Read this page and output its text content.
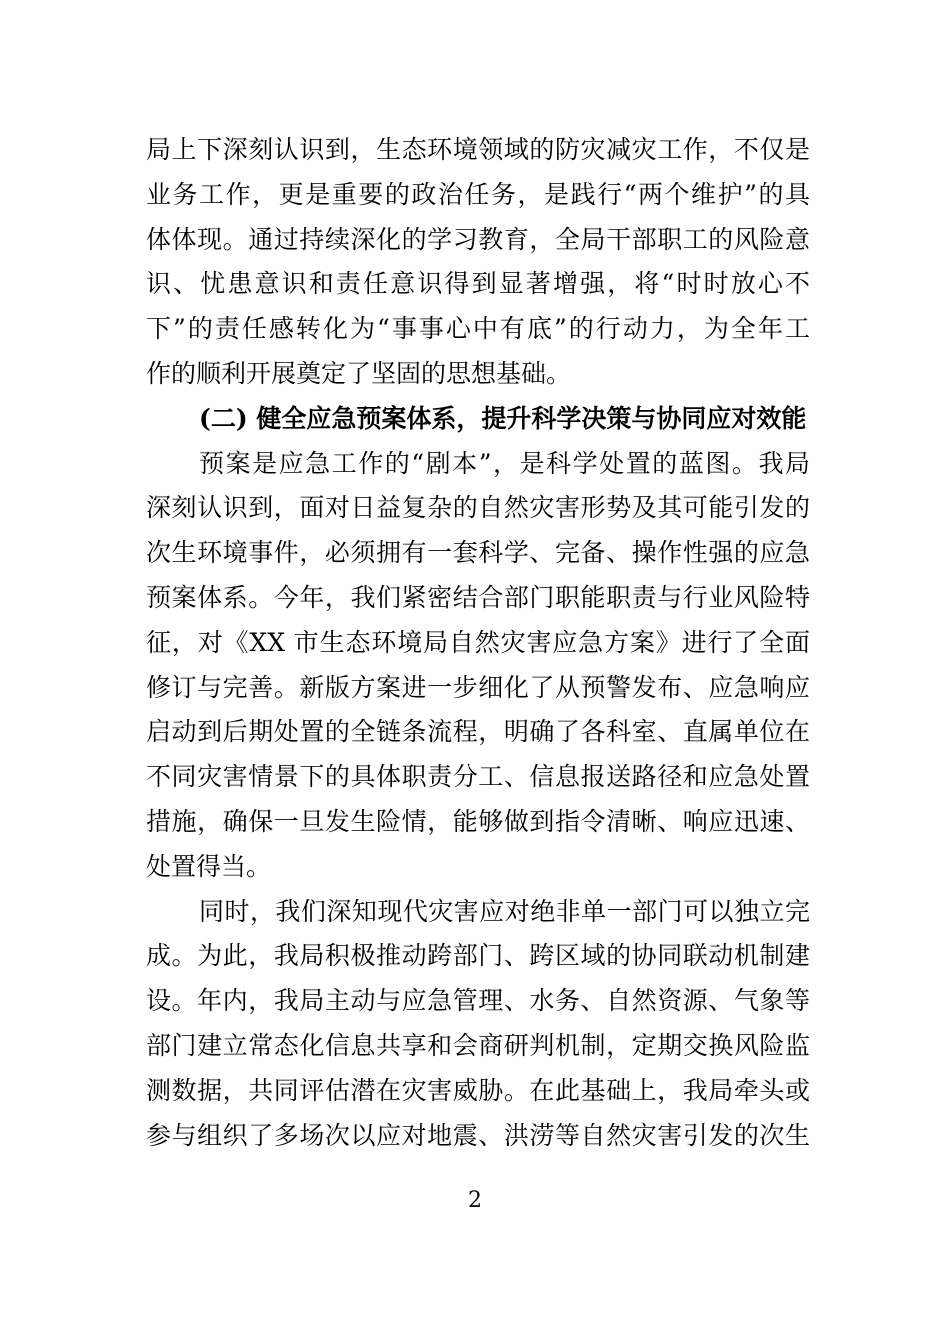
局上下深刻认识到，生态环境领域的防灾减灾工作，不仅是
业务工作，更是重要的政治任务，是践行“两个维护”的具
体体现。通过持续深化的学习教育，全局干部职工的风险意
识、忧患意识和责任意识得到显著增强，将“时时放心不
下”的责任感转化为“事事心中有底”的行动力，为全年工
作的顺利开展奠定了坚固的思想基础。
(二) 健全应急预案体系，提升科学决策与协同应对效能
预案是应急工作的“剧本”，是科学处置的蓝图。我局
深刻认识到，面对日益复杂的自然灾害形势及其可能引发的
次生环境事件，必须拥有一套科学、完备、操作性强的应急
预案体系。今年，我们紧密结合部门职能职责与行业风险特
征，对《XX 市生态环境局自然灾害应急方案》进行了全面
修订与完善。新版方案进一步细化了从预警发布、应急响应
启动到后期处置的全链条流程，明确了各科室、直属单位在
不同灾害情景下的具体职责分工、信息报送路径和应急处置
措施，确保一旦发生险情，能够做到指令清晰、响应迅速、
处置得当。
同时，我们深知现代灾害应对绝非单一部门可以独立完
成。为此，我局积极推动跨部门、跨区域的协同联动机制建
设。年内，我局主动与应急管理、水务、自然资源、气象等
部门建立常态化信息共享和会商研判机制，定期交换风险监
测数据，共同评估潜在灾害威胁。在此基础上，我局牵头或
参与组织了多场次以应对地震、洪涝等自然灾害引发的次生
2
